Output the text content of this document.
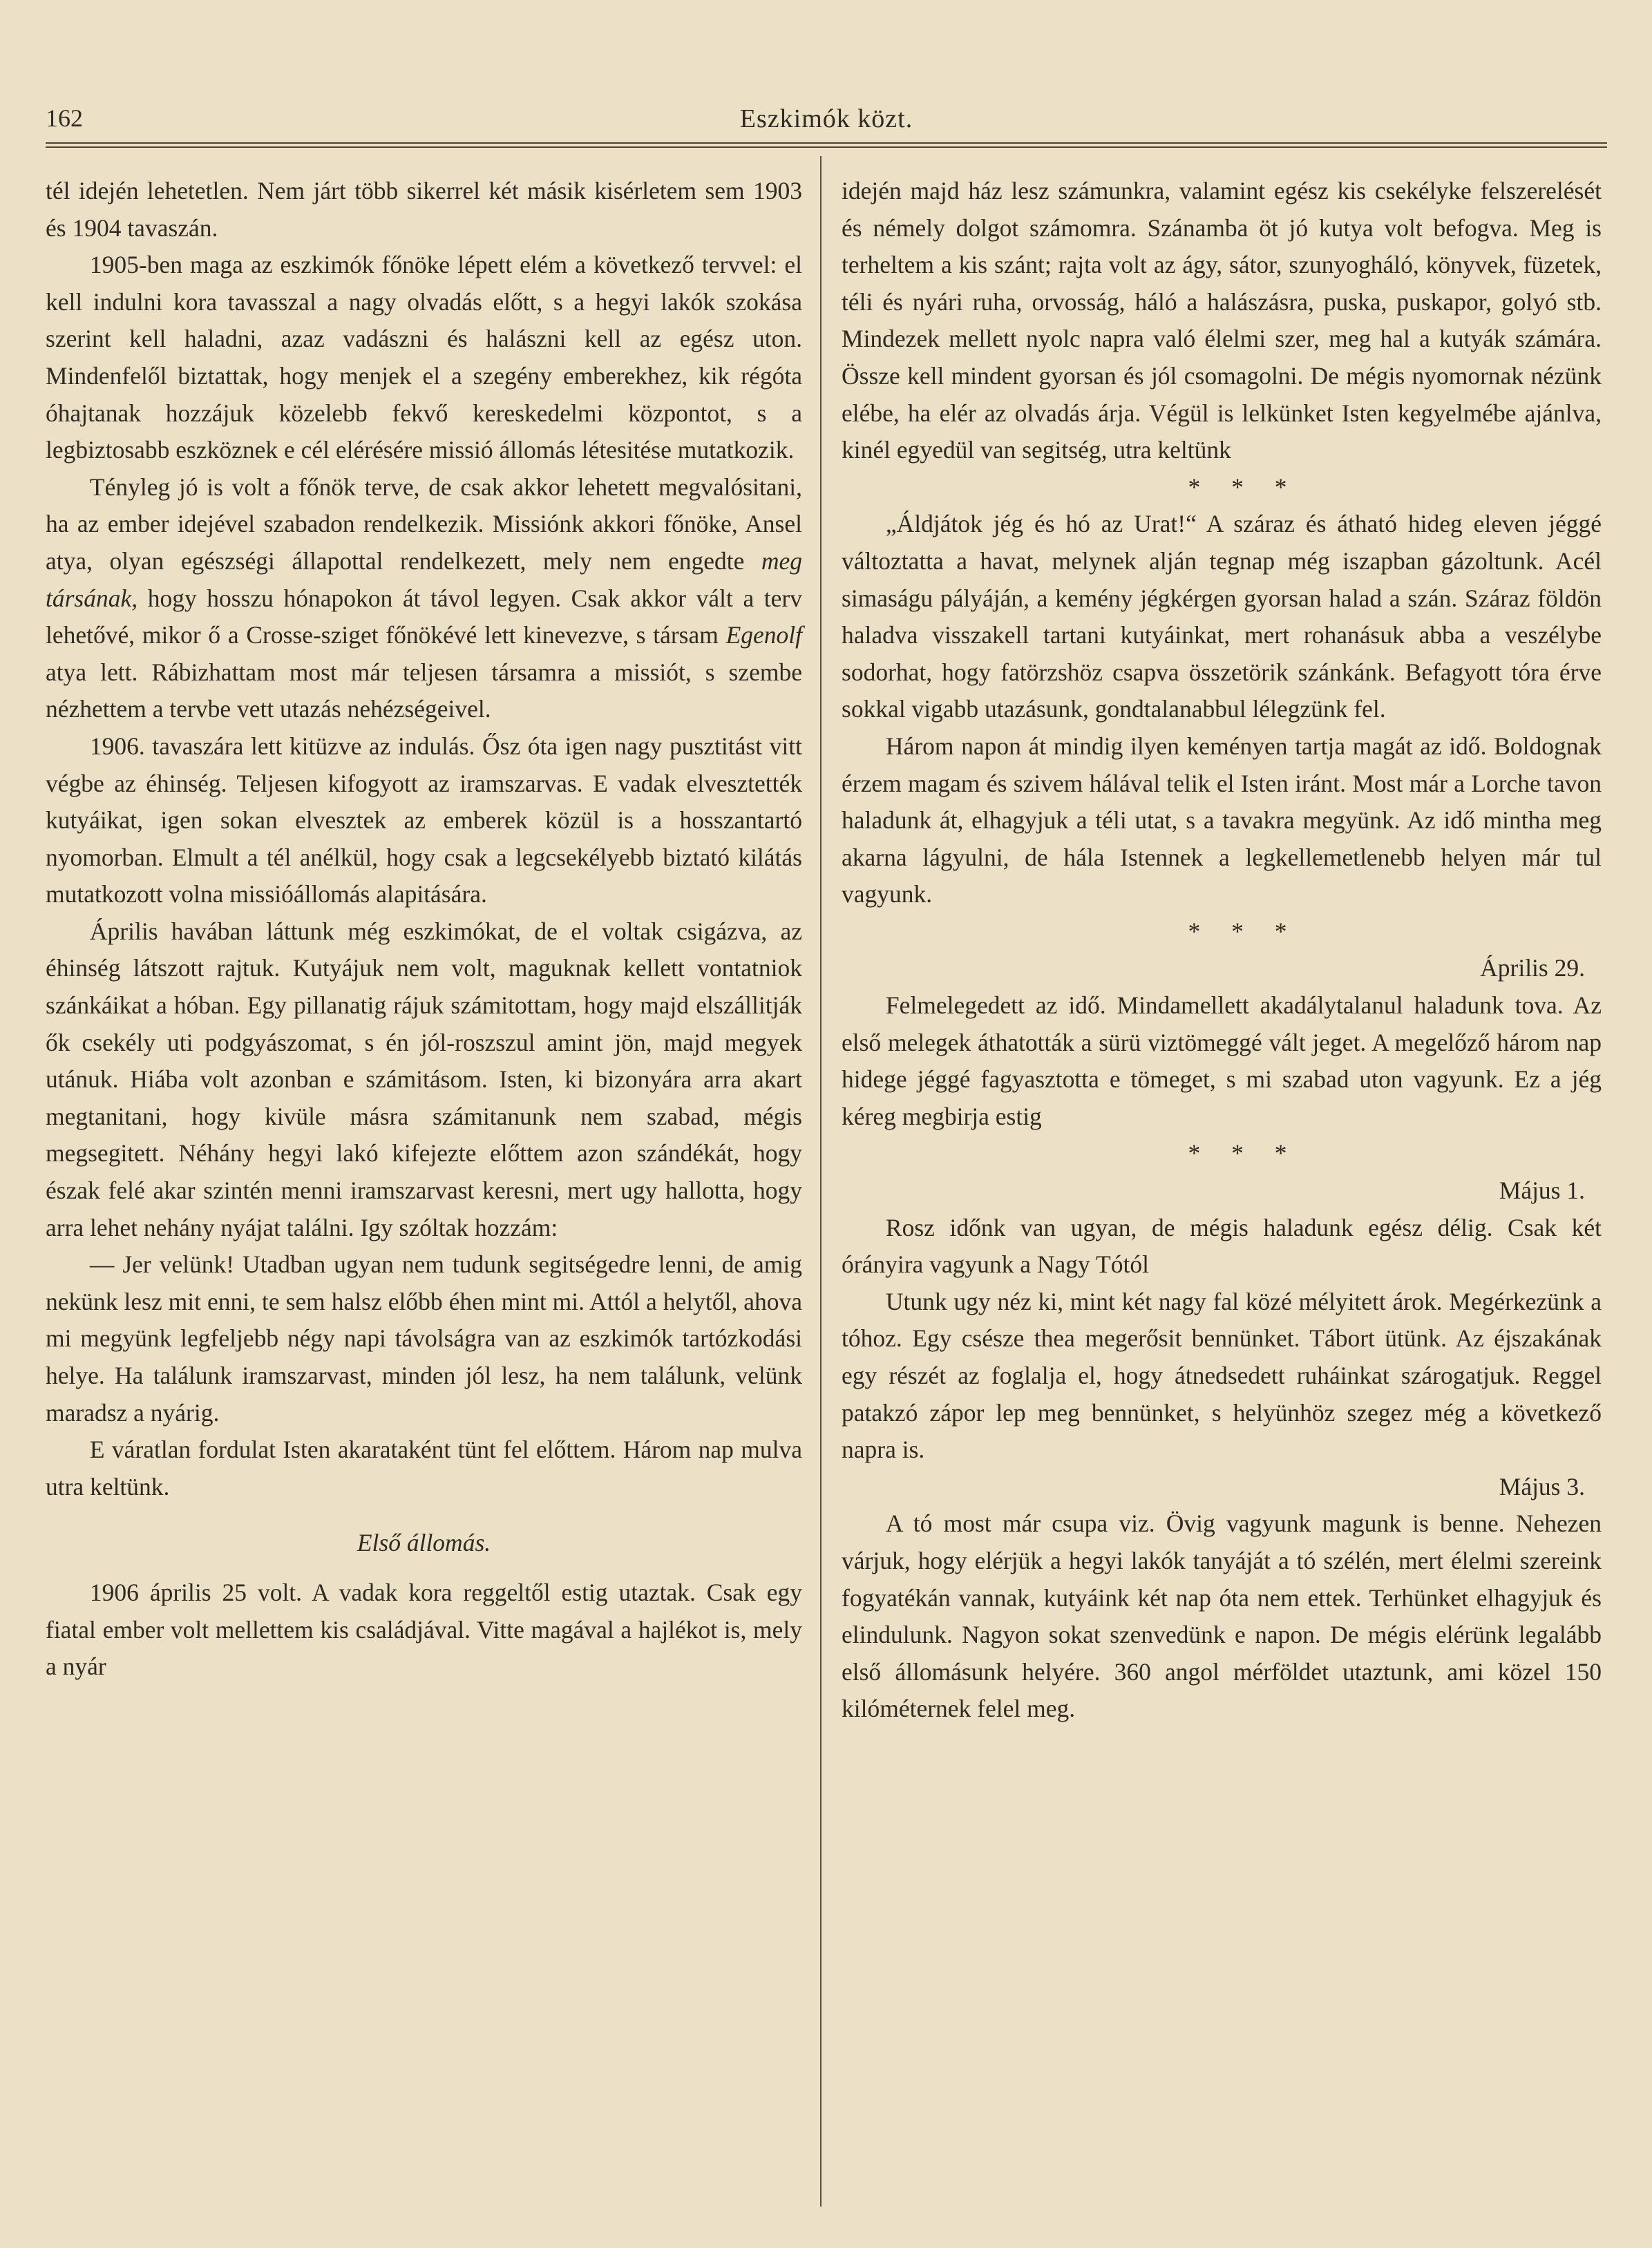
162	Eszkimók közt.

tél idején lehetetlen. Nem járt több sikerrel két másik kisérletem sem 1903 és 1904 tavaszán.

1905-ben maga az eszkimók főnöke lépett elém a következő tervvel: el kell indulni kora tavasszal a nagy olvadás előtt, s a hegyi lakók szokása szerint kell haladni, azaz vadászni és halászni kell az egész uton. Mindenfelől biztattak, hogy menjek el a szegény emberekhez, kik régóta óhajtanak hozzájuk közelebb fekvő kereskedelmi központot, s a legbiztosabb eszköznek e cél elérésére missió állomás létesitése mutatkozik.

Tényleg jó is volt a főnök terve, de csak akkor lehetett megvalósitani, ha az ember idejével szabadon rendelkezik. Missiónk akkori főnöke, Ansel atya, olyan egészségi állapottal rendelkezett, mely nem engedte meg társának, hogy hosszu hónapokon át távol legyen. Csak akkor vált a terv lehetővé, mikor ő a Crosse-sziget főnökévé lett kinevezve, s társam Egenolf atya lett. Rábizhattam most már teljesen társamra a missiót, s szembe nézhettem a tervbe vett utazás nehézségeivel.

1906. tavaszára lett kitüzve az indulás. Ősz óta igen nagy pusztitást vitt végbe az éhinség. Teljesen kifogyott az iramszarvas. E vadak elvesztették kutyáikat, igen sokan elvesztek az emberek közül is a hosszantartó nyomorban. Elmult a tél anélkül, hogy csak a legcsekélyebb biztató kilátás mutatkozott volna missióállomás alapitására.

Április havában láttunk még eszkimókat, de el voltak csigázva, az éhinség látszott rajtuk. Kutyájuk nem volt, maguknak kellett vontatniok szánkáikat a hóban. Egy pillanatig rájuk számitottam, hogy majd elszállitják ők csekély uti podgyászomat, s én jól-roszszul amint jön, majd megyek utánuk. Hiába volt azonban e számitásom. Isten, ki bizonyára arra akart megtanitani, hogy kivüle másra számitanunk nem szabad, mégis megsegitett. Néhány hegyi lakó kifejezte előttem azon szándékát, hogy észak felé akar szintén menni iramszarvast keresni, mert ugy hallotta, hogy arra lehet nehány nyájat találni. Igy szóltak hozzám:

— Jer velünk! Utadban ugyan nem tudunk segitségedre lenni, de amig nekünk lesz mit enni, te sem halsz előbb éhen mint mi. Attól a helytől, ahova mi megyünk legfeljebb négy napi távolságra van az eszkimók tartózkodási helye. Ha találunk iramszarvast, minden jól lesz, ha nem találunk, velünk maradsz a nyárig.

E váratlan fordulat Isten akarataként tünt fel előttem. Három nap mulva utra keltünk.

Első állomás.

1906 április 25 volt. A vadak kora reggeltől estig utaztak. Csak egy fiatal ember volt mellettem kis családjával. Vitte magával a hajlékot is, mely a nyár

idején majd ház lesz számunkra, valamint egész kis csekélyke felszerelését és némely dolgot számomra. Szánamba öt jó kutya volt befogva. Meg is terheltem a kis szánt; rajta volt az ágy, sátor, szunyogháló, könyvek, füzetek, téli és nyári ruha, orvosság, háló a halászásra, puska, puskapor, golyó stb. Mindezek mellett nyolc napra való élelmi szer, meg hal a kutyák számára. Össze kell mindent gyorsan és jól csomagolni. De mégis nyomornak nézünk elébe, ha elér az olvadás árja. Végül is lelkünket Isten kegyelmébe ajánlva, kinél egyedül van segitség, utra keltünk

* * *

„Áldjátok jég és hó az Urat!“ A száraz és átható hideg eleven jéggé változtatta a havat, melynek alján tegnap még iszapban gázoltunk. Acél simaságu pályáján, a kemény jégkérgen gyorsan halad a szán. Száraz földön haladva visszakell tartani kutyáinkat, mert rohanásuk abba a veszélybe sodorhat, hogy fatörzshöz csapva összetörik szánkánk. Befagyott tóra érve sokkal vigabb utazásunk, gondtalanabbul lélegzünk fel.

Három napon át mindig ilyen keményen tartja magát az idő. Boldognak érzem magam és szivem hálával telik el Isten iránt. Most már a Lorche tavon haladunk át, elhagyjuk a téli utat, s a tavakra megyünk. Az idő mintha meg akarna lágyulni, de hála Istennek a legkellemetlenebb helyen már tul vagyunk.

* * *

Április 29.

Felmelegedett az idő. Mindamellett akadálytalanul haladunk tova. Az első melegek áthatották a sürü viztömeggé vált jeget. A megelőző három nap hidege jéggé fagyasztotta e tömeget, s mi szabad uton vagyunk. Ez a jég kéreg megbirja estig

* * *

Május 1.

Rosz időnk van ugyan, de mégis haladunk egész délig. Csak két órányira vagyunk a Nagy Tótól

Utunk ugy néz ki, mint két nagy fal közé mélyitett árok. Megérkezünk a tóhoz. Egy csésze thea megerősit bennünket. Tábort ütünk. Az éjszakának egy részét az foglalja el, hogy átnedsedett ruháinkat szárogatjuk. Reggel patakzó zápor lep meg bennünket, s helyünhöz szegez még a következő napra is.

Május 3.

A tó most már csupa viz. Övig vagyunk magunk is benne. Nehezen várjuk, hogy elérjük a hegyi lakók tanyáját a tó szélén, mert élelmi szereink fogyatékán vannak, kutyáink két nap óta nem ettek. Terhünket elhagyjuk és elindulunk. Nagyon sokat szenvedünk e napon. De mégis elérünk legalább első állomásunk helyére. 360 angol mérföldet utaztunk, ami közel 150 kilóméternek felel meg.
